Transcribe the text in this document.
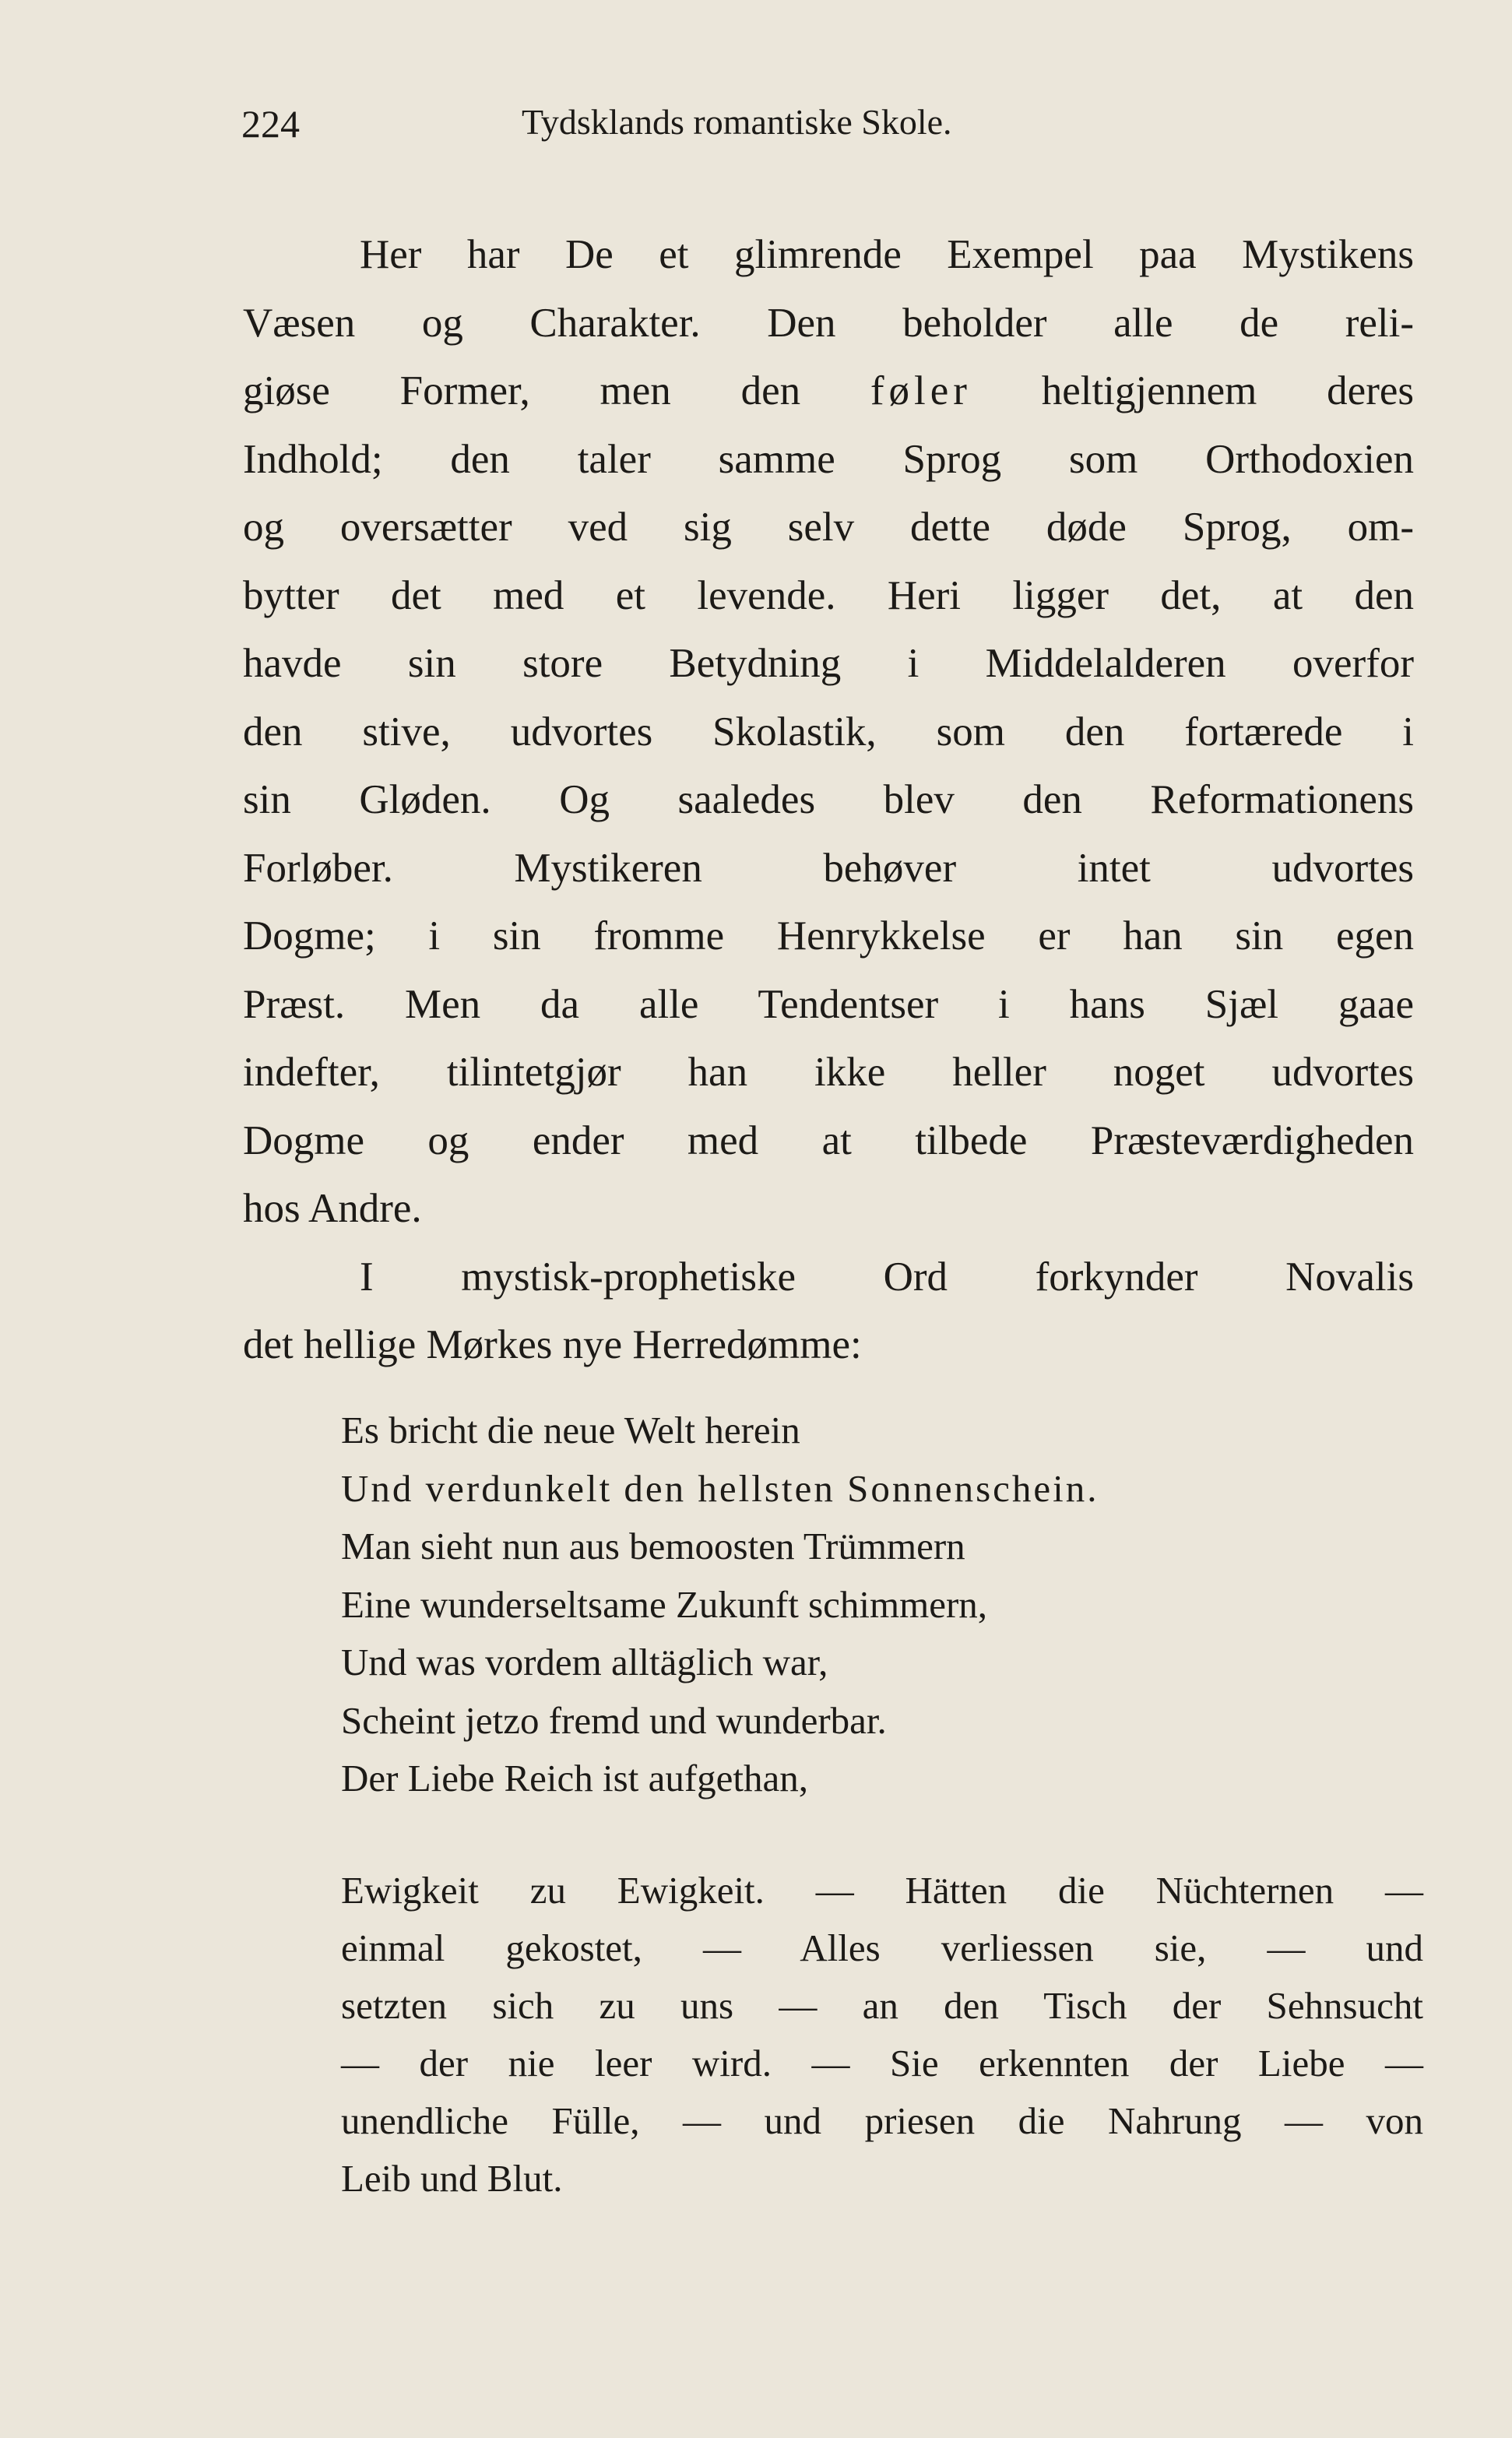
224	Tydsklands romantiske Skole.
Her har De et glimrende Exempel paa Mystikens
Væsen og Charakter. Den beholder alle de reli-
giøse Former, men den føler heltigjennem deres
Indhold; den taler samme Sprog som Orthodoxien
og oversætter ved sig selv dette døde Sprog, om-
bytter det med et levende. Heri ligger det, at den
havde sin store Betydning i Middelalderen overfor
den stive, udvortes Skolastik, som den fortærede i
sin Gløden. Og saaledes blev den Reformationens
Forløber. Mystikeren behøver intet udvortes
Dogme; i sin fromme Henrykkelse er han sin egen
Præst. Men da alle Tendentser i hans Sjæl gaae
indefter, tilintetgjør han ikke heller noget udvortes
Dogme og ender med at tilbede Præsteværdigheden
hos Andre.
I mystisk-prophetiske Ord forkynder Novalis
det hellige Mørkes nye Herredømme:
Es bricht die neue Welt herein
Und verdunkelt den hellsten Sonnenschein.
Man sieht nun aus bemoosten Trümmern
Eine wunderseltsame Zukunft schimmern,
Und was vordem alltäglich war,
Scheint jetzo fremd und wunderbar.
Der Liebe Reich ist aufgethan,
Ewigkeit zu Ewigkeit. — Hätten die Nüchternen —
einmal gekostet, — Alles verliessen sie, — und
setzten sich zu uns — an den Tisch der Sehnsucht
— der nie leer wird. — Sie erkennten der Liebe —
unendliche Fülle, — und priesen die Nahrung — von
Leib und Blut.
